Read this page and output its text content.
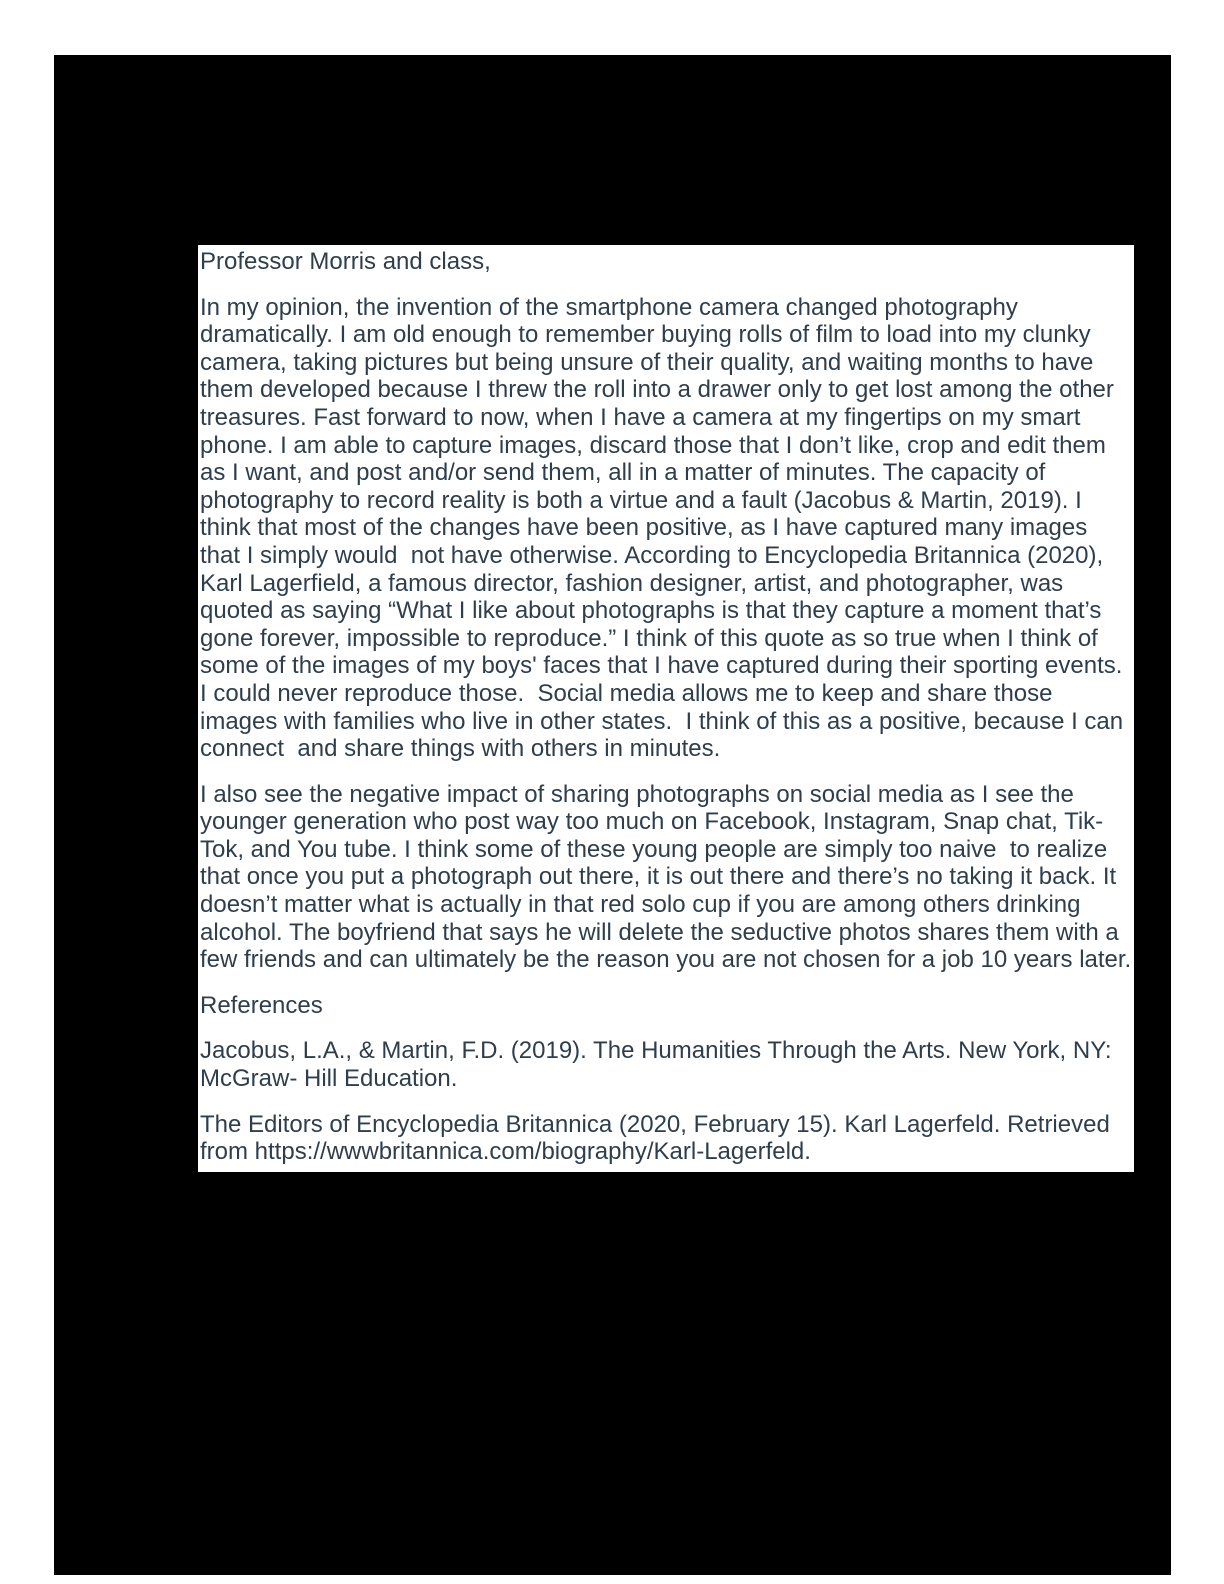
Professor Morris and class,

In my opinion, the invention of the smartphone camera changed photography dramatically. I am old enough to remember buying rolls of film to load into my clunky camera, taking pictures but being unsure of their quality, and waiting months to have them developed because I threw the roll into a drawer only to get lost among the other treasures. Fast forward to now, when I have a camera at my fingertips on my smart phone. I am able to capture images, discard those that I don’t like, crop and edit them as I want, and post and/or send them, all in a matter of minutes. The capacity of photography to record reality is both a virtue and a fault (Jacobus & Martin, 2019). I think that most of the changes have been positive, as I have captured many images that I simply would  not have otherwise. According to Encyclopedia Britannica (2020), Karl Lagerfield, a famous director, fashion designer, artist, and photographer, was quoted as saying “What I like about photographs is that they capture a moment that’s gone forever, impossible to reproduce.” I think of this quote as so true when I think of some of the images of my boys' faces that I have captured during their sporting events. I could never reproduce those.  Social media allows me to keep and share those images with families who live in other states.  I think of this as a positive, because I can connect  and share things with others in minutes.

I also see the negative impact of sharing photographs on social media as I see the younger generation who post way too much on Facebook, Instagram, Snap chat, Tik-Tok, and You tube. I think some of these young people are simply too naive  to realize that once you put a photograph out there, it is out there and there’s no taking it back. It doesn’t matter what is actually in that red solo cup if you are among others drinking alcohol. The boyfriend that says he will delete the seductive photos shares them with a few friends and can ultimately be the reason you are not chosen for a job 10 years later.

References

Jacobus, L.A., & Martin, F.D. (2019). The Humanities Through the Arts. New York, NY: McGraw- Hill Education.

The Editors of Encyclopedia Britannica (2020, February 15). Karl Lagerfeld. Retrieved from https://wwwbritannica.com/biography/Karl-Lagerfeld.
